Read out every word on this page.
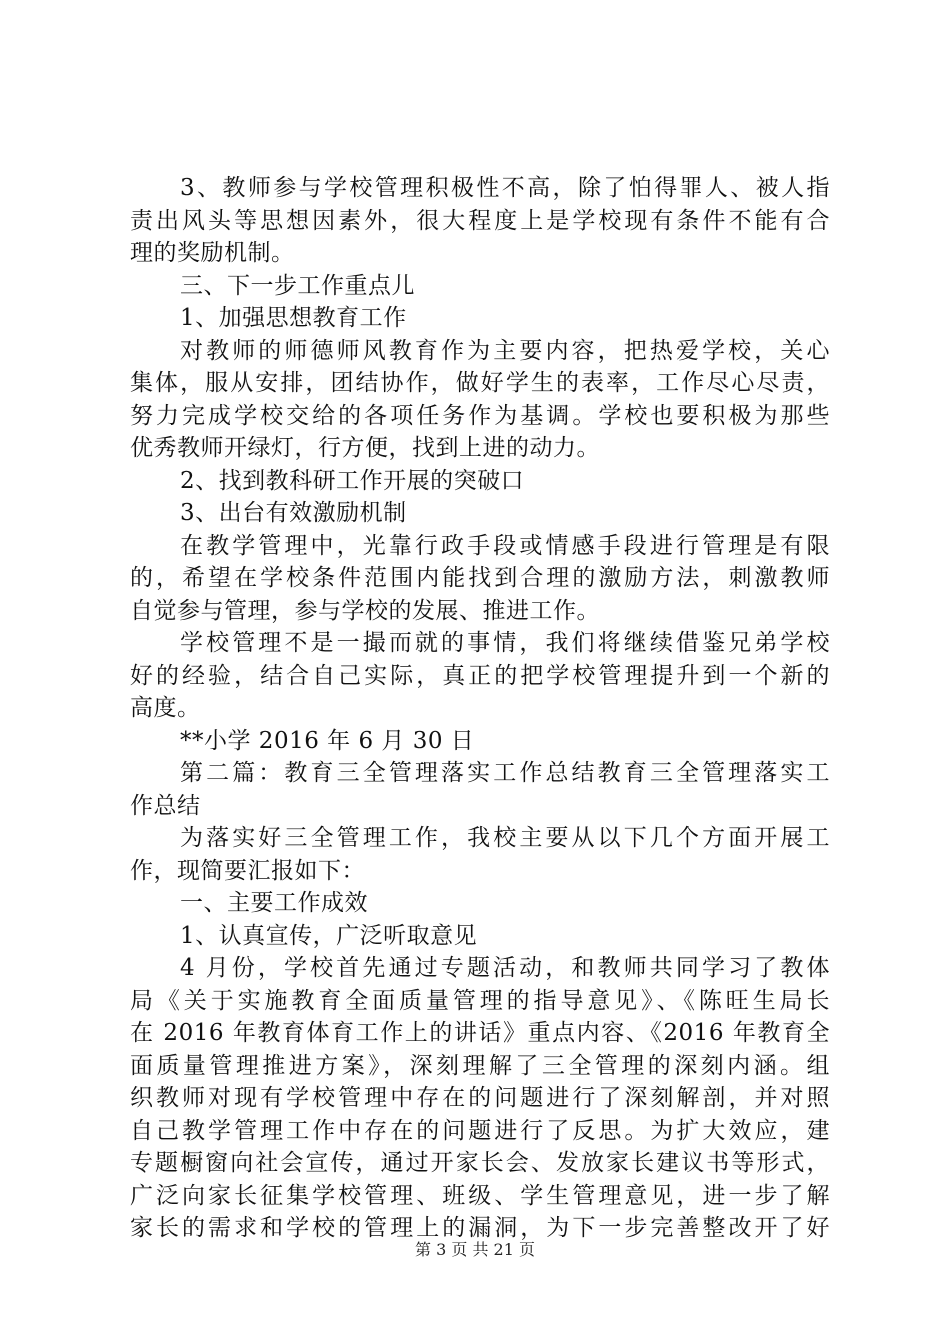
3、教师参与学校管理积极性不高，除了怕得罪人、被人指
责出风头等思想因素外，很大程度上是学校现有条件不能有合
理的奖励机制。
三、下一步工作重点儿
1、加强思想教育工作
对教师的师德师风教育作为主要内容，把热爱学校，关心
集体，服从安排，团结协作，做好学生的表率，工作尽心尽责，
努力完成学校交给的各项任务作为基调。学校也要积极为那些
优秀教师开绿灯，行方便，找到上进的动力。
2、找到教科研工作开展的突破口
3、出台有效激励机制
在教学管理中，光靠行政手段或情感手段进行管理是有限
的，希望在学校条件范围内能找到合理的激励方法，刺激教师
自觉参与管理，参与学校的发展、推进工作。
学校管理不是一撮而就的事情，我们将继续借鉴兄弟学校
好的经验，结合自己实际，真正的把学校管理提升到一个新的
高度。
**小学 2016 年 6 月 30 日
第二篇：教育三全管理落实工作总结教育三全管理落实工
作总结
为落实好三全管理工作，我校主要从以下几个方面开展工
作，现简要汇报如下：
一、主要工作成效
1、认真宣传，广泛听取意见
4 月份，学校首先通过专题活动，和教师共同学习了教体
局《关于实施教育全面质量管理的指导意见》、《陈旺生局长
在 2016 年教育体育工作上的讲话》重点内容、《2016 年教育全
面质量管理推进方案》，深刻理解了三全管理的深刻内涵。组
织教师对现有学校管理中存在的问题进行了深刻解剖，并对照
自己教学管理工作中存在的问题进行了反思。为扩大效应，建
专题橱窗向社会宣传，通过开家长会、发放家长建议书等形式，
广泛向家长征集学校管理、班级、学生管理意见，进一步了解
家长的需求和学校的管理上的漏洞，为下一步完善整改开了好
第 3 页 共 21 页
